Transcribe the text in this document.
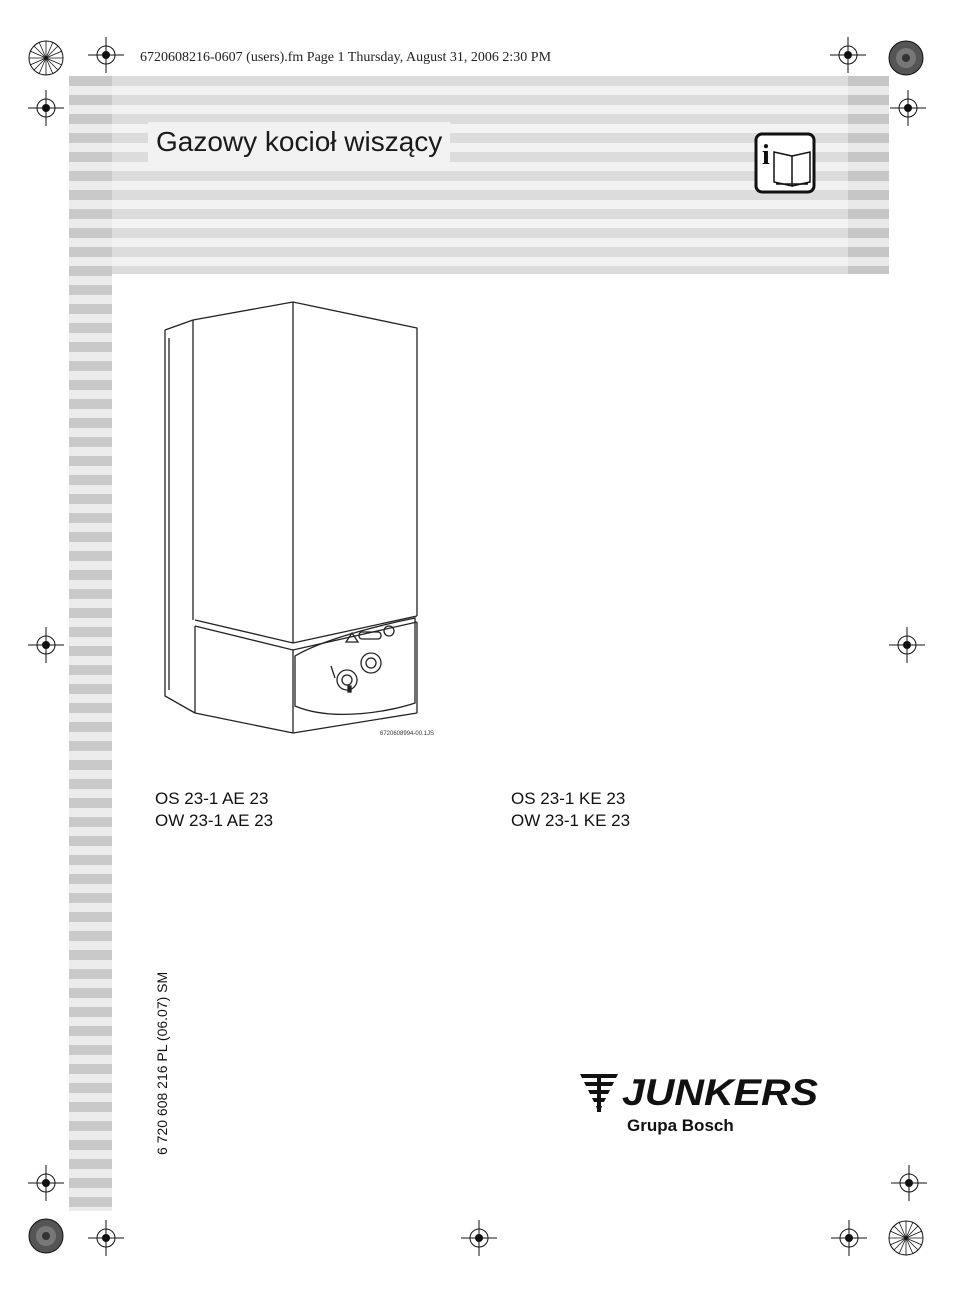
6720608216-0607 (users).fm Page 1 Thursday, August 31, 2006 2:30 PM
Gazowy kocioł wiszący	i
6720608994-00.1JS
OS 23-1 AE 23
OW 23-1 AE 23
OS 23-1 KE 23
OW 23-1 KE 23
6 720 608 216 PL (06.07) SM	JUNKERS
Grupa Bosch
